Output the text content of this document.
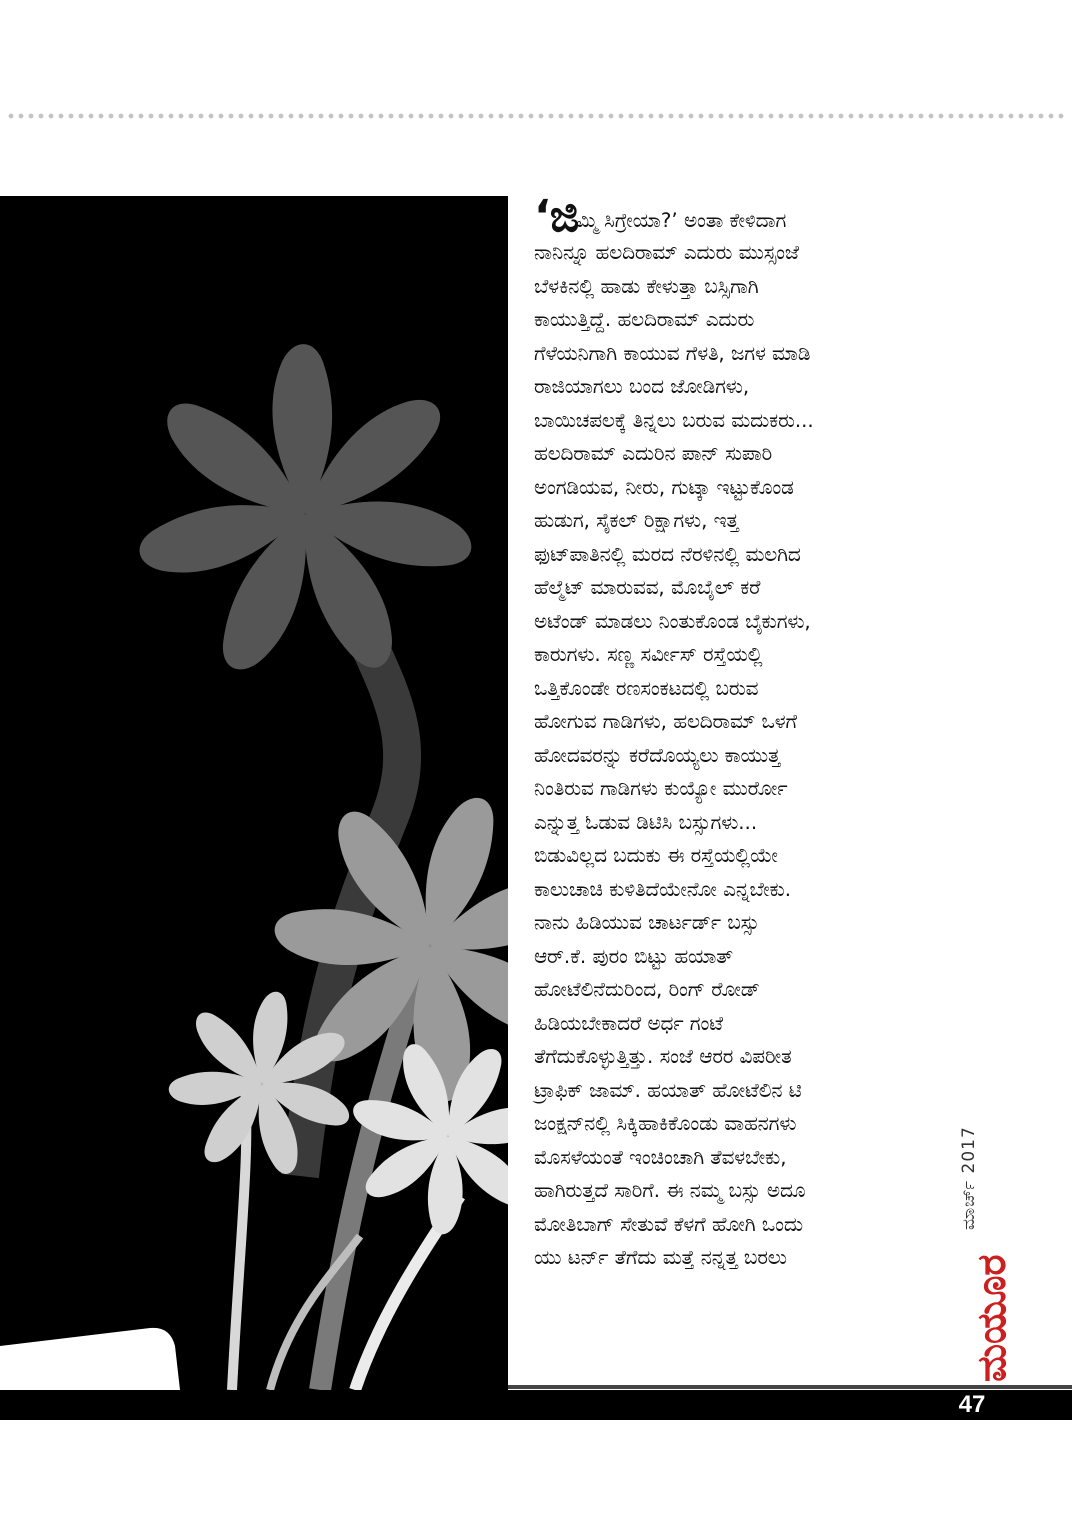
‘ಜಿಮ್ಮಿ ಸಿಗ್ರೇಯಾ?’ ಅಂತಾ ಕೇಳಿದಾಗ
ನಾನಿನ್ನೂ ಹಲದಿರಾಮ್ ಎದುರು ಮುಸ್ಸಂಜೆ
ಬೆಳಕಿನಲ್ಲಿ ಹಾಡು ಕೇಳುತ್ತಾ ಬಸ್ಸಿಗಾಗಿ
ಕಾಯುತ್ತಿದ್ದೆ. ಹಲದಿರಾಮ್ ಎದುರು
ಗೆಳೆಯನಿಗಾಗಿ ಕಾಯುವ ಗೆಳತಿ, ಜಗಳ ಮಾಡಿ
ರಾಜಿಯಾಗಲು ಬಂದ ಜೋಡಿಗಳು,
ಬಾಯಿಚಪಲಕ್ಕೆ ತಿನ್ನಲು ಬರುವ ಮದುಕರು...
ಹಲದಿರಾಮ್ ಎದುರಿನ ಪಾನ್ ಸುಪಾರಿ
ಅಂಗಡಿಯವ, ನೀರು, ಗುಟ್ಕಾ ಇಟ್ಟುಕೊಂಡ
ಹುಡುಗ, ಸೈಕಲ್ ರಿಕ್ಷಾಗಳು, ಇತ್ತ
ಫುಟ್‌ಪಾತಿನಲ್ಲಿ ಮರದ ನೆರಳಿನಲ್ಲಿ ಮಲಗಿದ
ಹೆಲ್ಮೆಟ್ ಮಾರುವವ, ಮೊಬೈಲ್ ಕರೆ
ಅಟೆಂಡ್ ಮಾಡಲು ನಿಂತುಕೊಂಡ ಬೈಕುಗಳು,
ಕಾರುಗಳು. ಸಣ್ಣ ಸರ್ವೀಸ್ ರಸ್ತೆಯಲ್ಲಿ
ಒತ್ತಿಕೊಂಡೇ ರಣಸಂಕಟದಲ್ಲಿ ಬರುವ
ಹೋಗುವ ಗಾಡಿಗಳು, ಹಲದಿರಾಮ್ ಒಳಗೆ
ಹೋದವರನ್ನು ಕರೆದೊಯ್ಯಲು ಕಾಯುತ್ತ
ನಿಂತಿರುವ ಗಾಡಿಗಳು ಕುಯ್ಯೋ ಮುರ್ರೋ
ಎನ್ನುತ್ತ ಓಡುವ ಡಿಟಿಸಿ ಬಸ್ಸುಗಳು...
ಬಿಡುವಿಲ್ಲದ ಬದುಕು ಈ ರಸ್ತೆಯಲ್ಲಿಯೇ
ಕಾಲುಚಾಚಿ ಕುಳಿತಿದೆಯೇನೋ ಎನ್ನಬೇಕು.
ನಾನು ಹಿಡಿಯುವ ಚಾರ್ಟರ್ಡ್ ಬಸ್ಸು
ಆರ್.ಕೆ. ಪುರಂ ಬಿಟ್ಟು ಹಯಾತ್
ಹೋಟೆಲಿನೆದುರಿಂದ, ರಿಂಗ್ ರೋಡ್
ಹಿಡಿಯಬೇಕಾದರೆ ಅರ್ಧ ಗಂಟೆ
ತೆಗೆದುಕೊಳ್ಳುತ್ತಿತ್ತು. ಸಂಜೆ ಆರರ ವಿಪರೀತ
ಟ್ರಾಫಿಕ್ ಜಾಮ್. ಹಯಾತ್ ಹೋಟೆಲಿನ ಟಿ
ಜಂಕ್ಷನ್‌ನಲ್ಲಿ ಸಿಕ್ಕಿಹಾಕಿಕೊಂಡು ವಾಹನಗಳು
ಮೊಸಳೆಯಂತೆ ಇಂಚಿಂಚಾಗಿ ತೆವಳಬೇಕು,
ಹಾಗಿರುತ್ತದೆ ಸಾರಿಗೆ. ಈ ನಮ್ಮ ಬಸ್ಸು ಅದೂ
ಮೋತಿಬಾಗ್ ಸೇತುವೆ ಕೆಳಗೆ ಹೋಗಿ ಒಂದು
ಯು ಟರ್ನ್ ತೆಗೆದು ಮತ್ತೆ ನನ್ನತ್ತ ಬರಲು	ಮಯೂರ
ಮಾರ್ಚ್ 2017
47
